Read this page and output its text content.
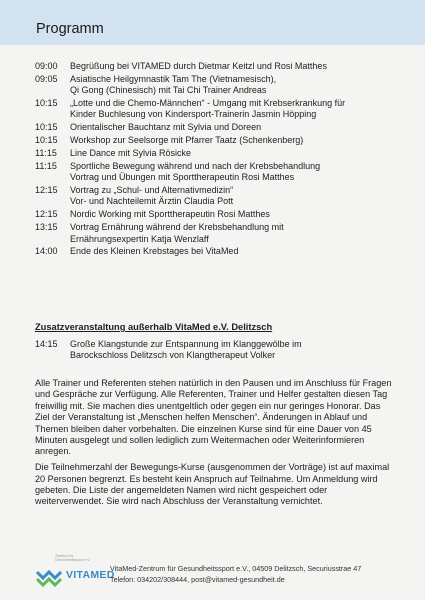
Programm
09:00	Begrüßung bei VITAMED durch Dietmar Keitzl und Rosi Matthes
09:05	Asiatische Heilgymnastik Tam The (Vietnamesisch),
Qi Gong (Chinesisch) mit Tai Chi Trainer Andreas
10:15	„Lotte und die Chemo-Männchen“ - Umgang mit Krebserkrankung für
Kinder Buchlesung von Kindersport-Trainerin Jasmin Höpping
10:15	Orientalischer Bauchtanz mit Sylvia und Doreen
10:15	Workshop zur Seelsorge mit Pfarrer Taatz (Schenkenberg)
11:15	Line Dance mit Sylvia Rösicke
11:15	Sportliche Bewegung während und nach der Krebsbehandlung
Vortrag und Übungen mit Sporttherapeutin Rosi Matthes
12:15	Vortrag zu „Schul- und Alternativmedizin“
Vor- und Nachteilemit Ärztin Claudia Pott
12:15	Nordic Working mit Sporttherapeutin Rosi Matthes
13:15	Vortrag Ernährung während der Krebsbehandlung mit
Ernährungsexpertin Katja Wenzlaff
14:00	Ende des Kleinen Krebstages bei VitaMed
Zusatzveranstaltung außerhalb VitaMed e.V. Delitzsch
14:15	Große Klangstunde zur Entspannung im Klanggewölbe im
Barockschloss Delitzsch von Klangtherapeut Volker

Alle Trainer und Referenten stehen natürlich in den Pausen und im Anschluss für Fragen und Gespräche zur Verfügung. Alle Referenten, Trainer und Helfer gestalten diesen Tag freiwillig mit. Sie machen dies unentgeltlich oder gegen ein nur geringes Honorar. Das Ziel der Veranstaltung ist „Menschen helfen Menschen“. Änderungen in Ablauf und Themen bleiben daher vorbehalten. Die einzelnen Kurse sind für eine Dauer von 45 Minuten ausgelegt und sollen lediglich zum Weitermachen oder Weiterinformieren anregen.

Die Teilnehmerzahl der Bewegungs-Kurse (ausgenommen der Vorträge) ist auf maximal 20 Personen begrenzt. Es besteht kein Anspruch auf Teilnahme. Um Anmeldung wird gebeten. Die Liste der angemeldeten Namen wird nicht gespeichert oder weiterverwendet. Sie wird nach Abschluss der Veranstaltung vernichtet.

Zentrum für Gesundheitssport e.V.
VITAMED
VitaMed-Zentrum für Gesundheitssport e.V., 04509 Delitzsch, Securiusstrae 47
Telefon: 034202/308444, post@vitamed-gesundheit.de
